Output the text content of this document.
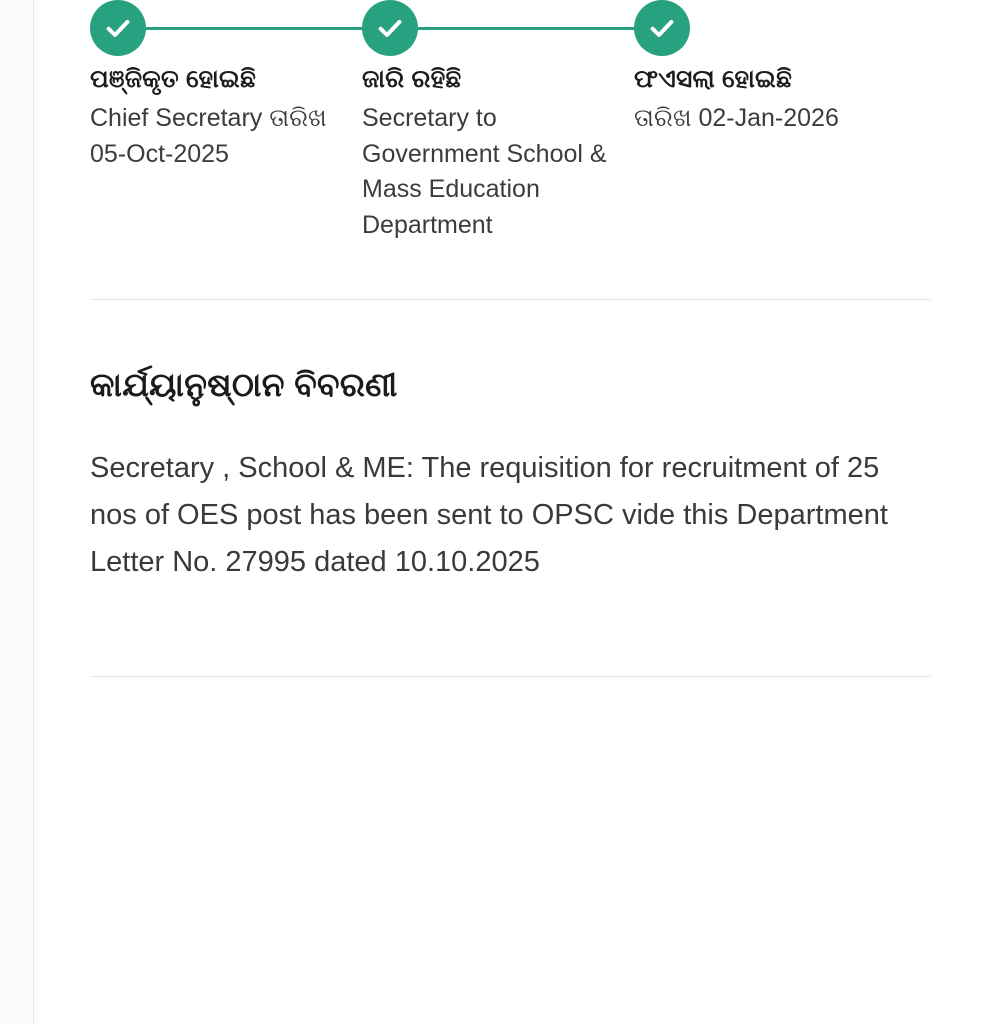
ପଞ୍ଜିକୃତ ହୋଇଛି
Chief Secretary ତାରିଖ 05-Oct-2025
ଜାରି ରହିଛି
Secretary to Government School & Mass Education Department
ଫଏସଲା ହୋଇଛି
ତାରିଖ 02-Jan-2026
କାର୍ଯ୍ୟାନୁଷ୍ଠାନ ବିବରଣୀ
Secretary , School & ME: The requisition for recruitment of 25 nos of OES post has been sent to OPSC vide this Department Letter No. 27995 dated 10.10.2025
